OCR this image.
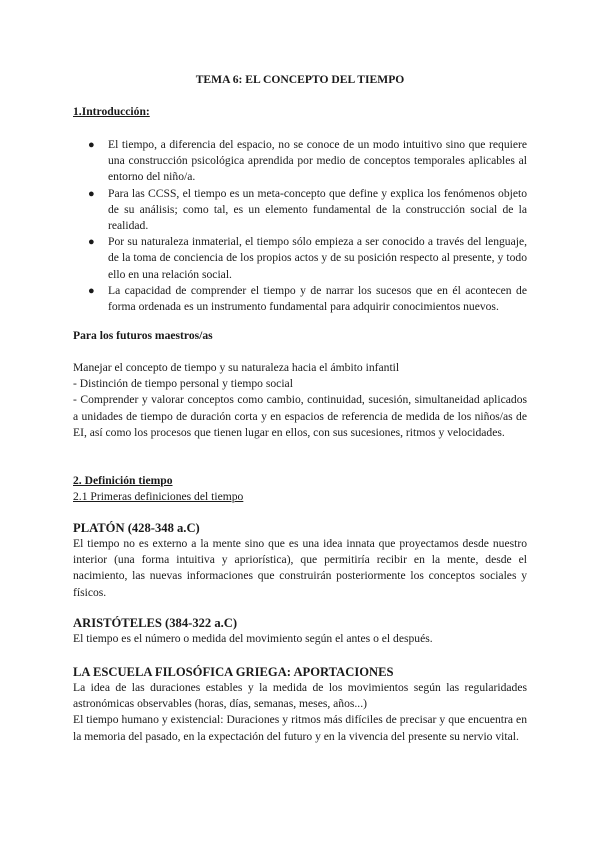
TEMA 6: EL CONCEPTO DEL TIEMPO
1.Introducción:
● El tiempo, a diferencia del espacio, no se conoce de un modo intuitivo sino que requiere una construcción psicológica aprendida por medio de conceptos temporales aplicables al entorno del niño/a.
● Para las CCSS, el tiempo es un meta-concepto que define y explica los fenómenos objeto de su análisis; como tal, es un elemento fundamental de la construcción social de la realidad.
● Por su naturaleza inmaterial, el tiempo sólo empieza a ser conocido a través del lenguaje, de la toma de conciencia de los propios actos y de su posición respecto al presente, y todo ello en una relación social.
● La capacidad de comprender el tiempo y de narrar los sucesos que en él acontecen de forma ordenada es un instrumento fundamental para adquirir conocimientos nuevos.
Para los futuros maestros/as

Manejar el concepto de tiempo y su naturaleza hacia el ámbito infantil

- Distinción de tiempo personal y tiempo social

- Comprender y valorar conceptos como cambio, continuidad, sucesión, simultaneidad aplicados a unidades de tiempo de duración corta y en espacios de referencia de medida de los niños/as de EI, así como los procesos que tienen lugar en ellos, con sus sucesiones, ritmos y velocidades.

2. Definición tiempo
2.1 Primeras definiciones del tiempo
PLATÓN (428-348 a.C)
El tiempo no es externo a la mente sino que es una idea innata que proyectamos desde nuestro interior (una forma intuitiva y apriorística), que permitiría recibir en la mente, desde el nacimiento, las nuevas informaciones que construirán posteriormente los conceptos sociales y físicos.
ARISTÓTELES (384-322 a.C)
El tiempo es el número o medida del movimiento según el antes o el después.
LA ESCUELA FILOSÓFICA GRIEGA: APORTACIONES

La idea de las duraciones estables y la medida de los movimientos según las regularidades astronómicas observables (horas, días, semanas, meses, años...)

El tiempo humano y existencial: Duraciones y ritmos más difíciles de precisar y que encuentra en la memoria del pasado, en la expectación del futuro y en la vivencia del presente su nervio vital.
